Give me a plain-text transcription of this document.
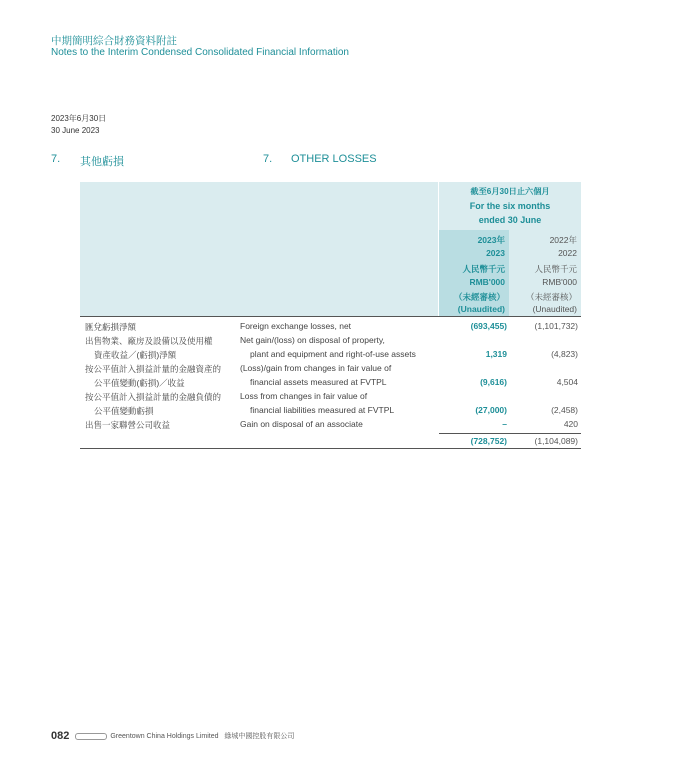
中期簡明綜合財務資料附註
Notes to the Interim Condensed Consolidated Financial Information
2023年6月30日
30 June 2023
7. 其他虧損	7. OTHER LOSSES
截至6月30日止六個月
For the six months
ended 30 June
2023年
2023
人民幣千元
RMB'000
（未經審核）
(Unaudited)
2022年
2022
人民幣千元
RMB'000
（未經審核）
(Unaudited)
匯兌虧損淨額	Foreign exchange losses, net	(693,455)	(1,101,732)
出售物業、廠房及設備以及使用權
資產收益／(虧損)淨額
Net gain/(loss) on disposal of property,
plant and equipment and right-of-use assets	1,319	(4,823)
按公平值計入損益計量的金融資產的
公平值變動(虧損)／收益
(Loss)/gain from changes in fair value of
financial assets measured at FVTPL	(9,616)	4,504
按公平值計入損益計量的金融負債的
公平值變動虧損
Loss from changes in fair value of
financial liabilities measured at FVTPL	(27,000)	(2,458)
出售一家聯營公司收益	Gain on disposal of an associate	–	420
(728,752)	(1,104,089)
082	Greentown China Holdings Limited 綠城中國控股有限公司
